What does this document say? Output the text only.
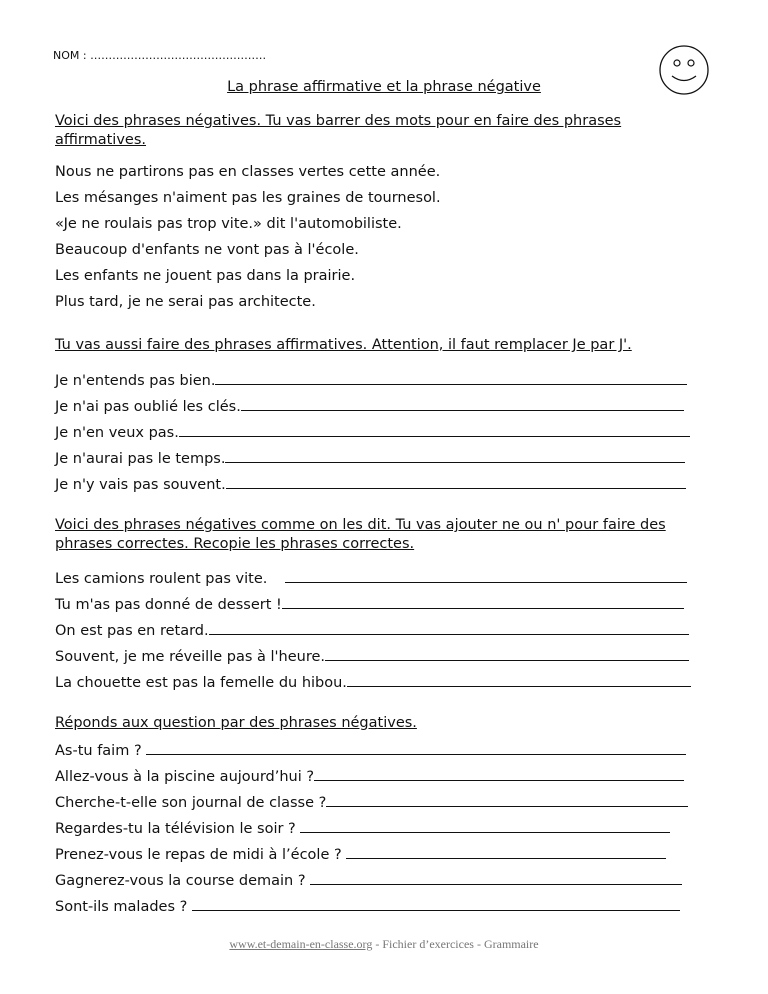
NOM : …………………………………………
La phrase affirmative et la phrase négative
Voici des phrases négatives. Tu vas barrer des mots pour en faire des phrases affirmatives.
Nous ne partirons pas en classes vertes cette année.
Les mésanges n'aiment pas les graines de tournesol.
«Je ne roulais pas trop vite.» dit l'automobiliste.
Beaucoup d'enfants ne vont pas à l'école.
Les enfants ne jouent pas dans la prairie.
Plus tard, je ne serai pas architecte.
Tu vas aussi faire des phrases affirmatives. Attention, il faut remplacer Je par J'.
Je n'entends pas bien.
Je n'ai pas oublié les clés.
Je n'en veux pas.
Je n'aurai pas le temps.
Je n'y vais pas souvent.
Voici des phrases négatives comme on les dit. Tu vas ajouter ne ou n' pour faire des phrases correctes. Recopie les phrases correctes.
Les camions roulent pas vite.
Tu m'as pas donné de dessert !
On est pas en retard.
Souvent, je me réveille pas à l'heure.
La chouette est pas la femelle du hibou.
Réponds aux question par des phrases négatives.
As-tu faim ?
Allez-vous à la piscine aujourd’hui ?
Cherche-t-elle son journal de classe ?
Regardes-tu la télévision le soir ?
Prenez-vous le repas de midi à l’école ?
Gagnerez-vous la course demain ?
Sont-ils malades ?
www.et-demain-en-classe.org - Fichier d’exercices - Grammaire
